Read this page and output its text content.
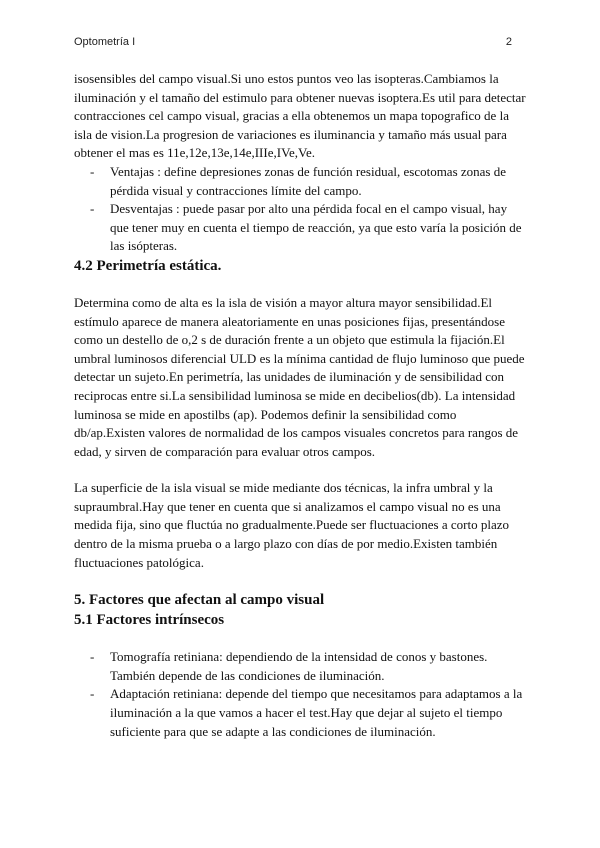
Optometría I	2

isosensibles del campo visual.Si uno estos puntos veo las isopteras.Cambiamos la iluminación y el tamaño del estimulo para obtener nuevas isoptera.Es util para detectar contracciones cel campo visual, gracias a ella obtenemos un mapa topografico de la isla de vision.La progresion de variaciones es iluminancia y tamaño más usual para obtener el mas es 11e,12e,13e,14e,IIIe,IVe,Ve.

- Ventajas : define depresiones zonas de función residual, escotomas zonas de pérdida visual y contracciones límite del campo.
- Desventajas : puede pasar por alto una pérdida focal en el campo visual, hay que tener muy en cuenta el tiempo de reacción, ya que esto varía la posición de las isópteras.
4.2 Perimetría estática.

Determina como de alta es la isla de visión a mayor altura mayor sensibilidad.El estímulo aparece de manera aleatoriamente en unas posiciones fijas, presentándose como un destello de o,2 s de duración frente a un objeto que estimula la fijación.El umbral luminosos diferencial ULD es la mínima cantidad de flujo luminoso que puede detectar un sujeto.En perimetría, las unidades de iluminación y de sensibilidad con reciprocas entre si.La sensibilidad luminosa se mide en decibelios(db). La intensidad luminosa se mide en apostilbs (ap). Podemos definir la sensibilidad como db/ap.Existen valores de normalidad de los campos visuales concretos para rangos de edad, y sirven de comparación para evaluar otros campos.

La superficie de la isla visual se mide mediante dos técnicas, la infra umbral y la supraumbral.Hay que tener en cuenta que si analizamos el campo visual no es una medida fija, sino que fluctúa no gradualmente.Puede ser fluctuaciones a corto plazo dentro de la misma prueba o a largo plazo con días de por medio.Existen también fluctuaciones patológica.

5. Factores que afectan al campo visual
5.1 Factores intrínsecos
- Tomografía retiniana: dependiendo de la intensidad de conos y bastones. También depende de las condiciones de iluminación.
- Adaptación retiniana: depende del tiempo que necesitamos para adaptamos a la iluminación a la que vamos a hacer el test.Hay que dejar al sujeto el tiempo suficiente para que se adapte a las condiciones de iluminación.
